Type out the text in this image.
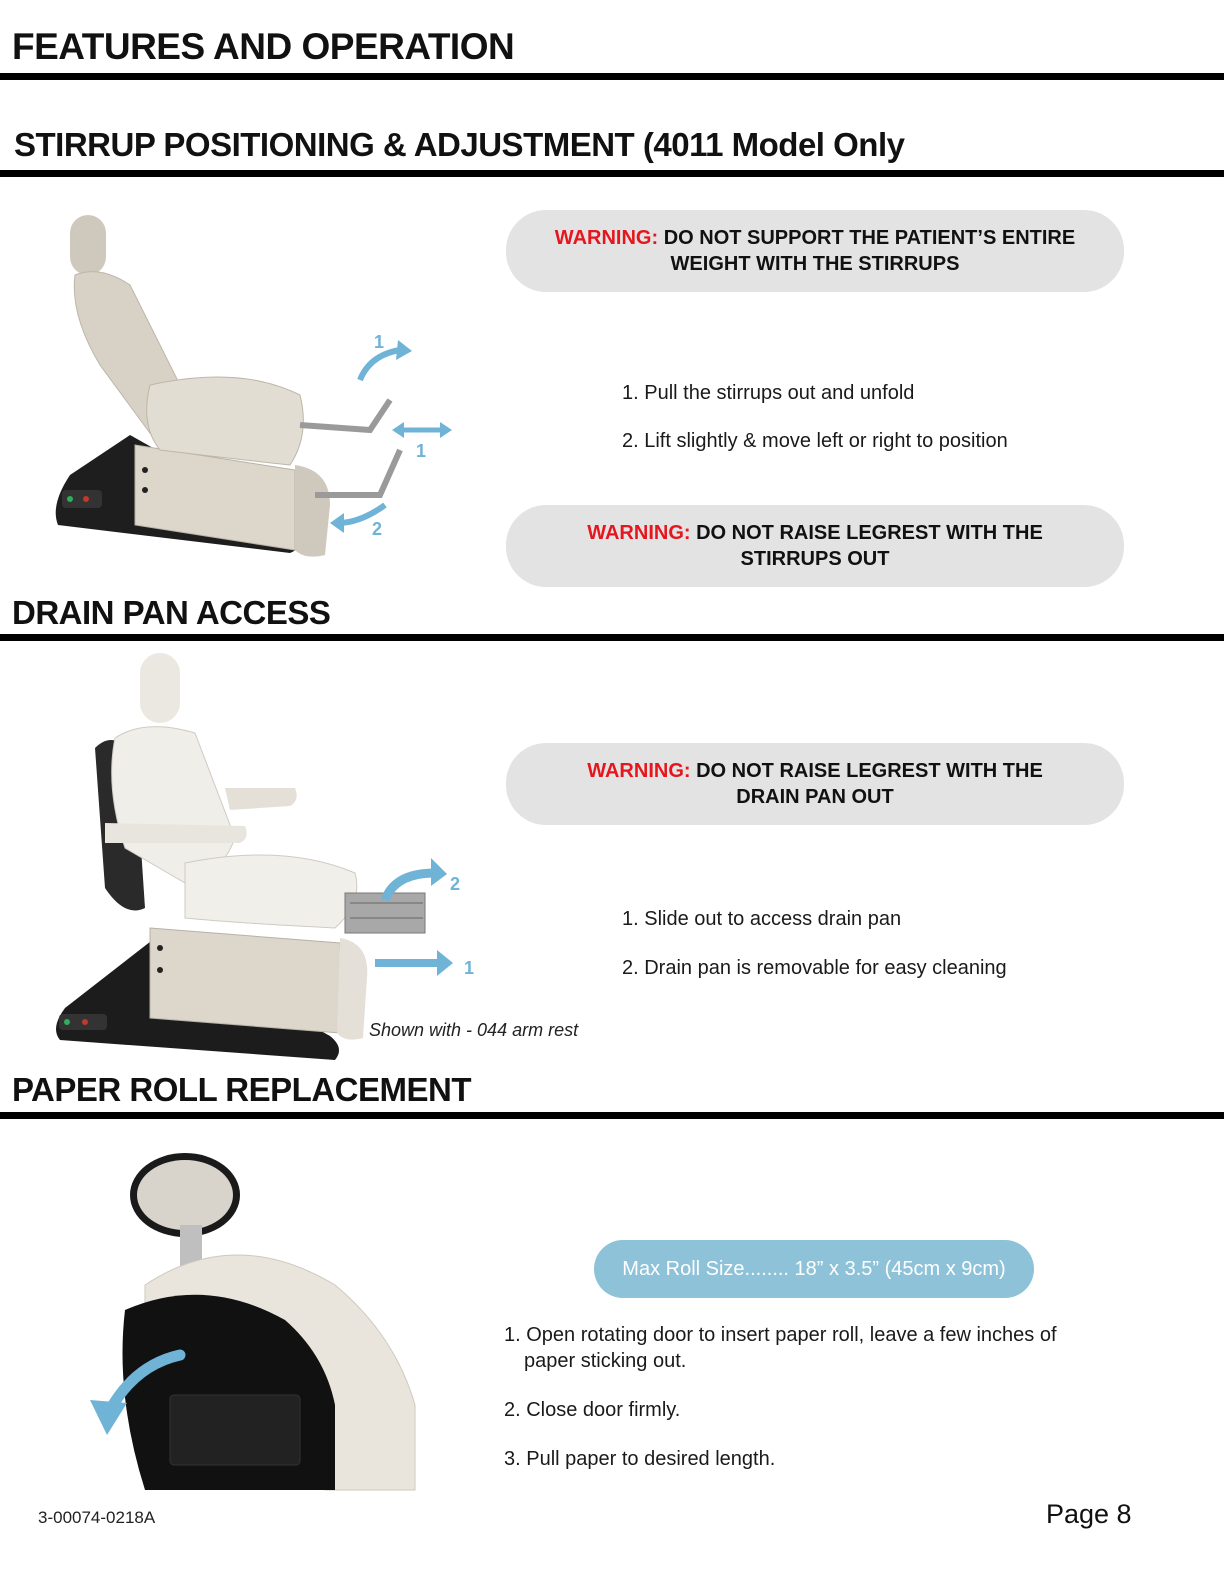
FEATURES AND OPERATION
STIRRUP POSITIONING & ADJUSTMENT (4011 Model Only
WARNING: DO NOT SUPPORT THE PATIENT’S ENTIRE
WEIGHT WITH THE STIRRUPS
1. Pull the stirrups out and unfold
2. Lift slightly & move left or right to position
WARNING: DO NOT RAISE LEGREST WITH THE
STIRRUPS OUT
1
1
2
DRAIN PAN ACCESS
WARNING: DO NOT RAISE LEGREST WITH THE
DRAIN PAN OUT
1. Slide out to access drain pan
2. Drain pan is removable for easy cleaning
2
1
Shown with - 044 arm rest
PAPER ROLL REPLACEMENT
Max Roll Size........ 18” x 3.5” (45cm x 9cm)
1. Open rotating door to insert paper roll, leave a few inches of
paper sticking out.
2. Close door firmly.
3. Pull paper to desired length.
3-00074-0218A	Page 8
